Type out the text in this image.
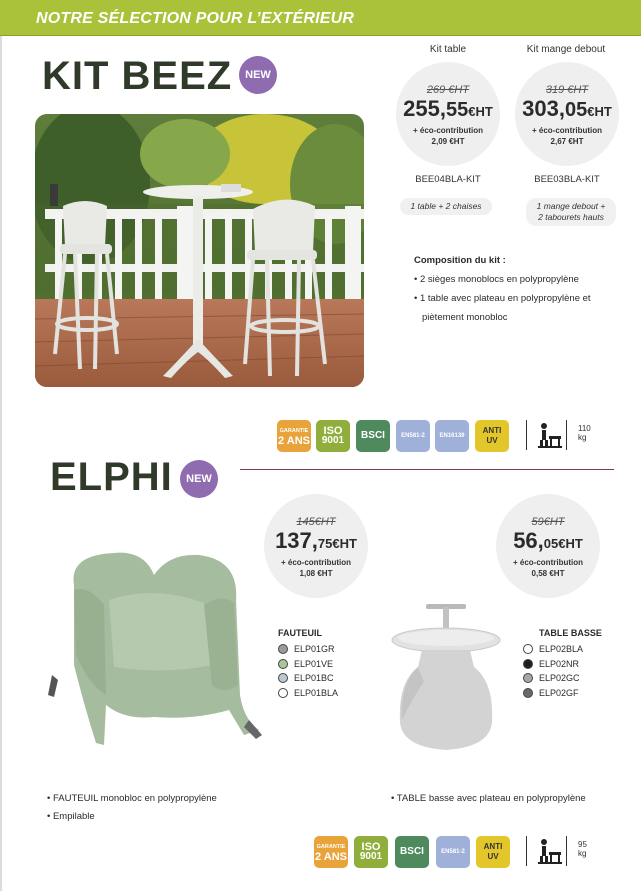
NOTRE SÉLECTION POUR L’EXTÉRIEUR
KIT BEEZ	NEW
Kit table
269 €HT
255,55€HT
+ éco-contribution
2,09 €HT
BEE04BLA-KIT
1 table + 2 chaises
Kit mange debout
319 €HT
303,05€HT
+ éco-contribution
2,67 €HT
BEE03BLA-KIT
1 mange debout +
2 tabourets hauts
Composition du kit :
• 2 sièges monoblocs en polypropylène
• 1 table avec plateau en polypropylène et
piètement monobloc
GARANTIE
2 ANS
ISO
9001	BSCI	EN581-2	EN16139
ANTI
UV
110
kg
ELPHI	NEW
145€HT
137,75€HT
+ éco-contribution
1,08 €HT
59€HT
56,05€HT
+ éco-contribution
0,58 €HT
FAUTEUIL
ELP01GR
ELP01VE
ELP01BC
ELP01BLA
TABLE BASSE
ELP02BLA
ELP02NR
ELP02GC
ELP02GF
• FAUTEUIL monobloc en polypropylène
• Empilable
• TABLE basse avec plateau en polypropylène
GARANTIE
2 ANS
ISO
9001	BSCI	EN581-2
ANTI
UV
95
kg
